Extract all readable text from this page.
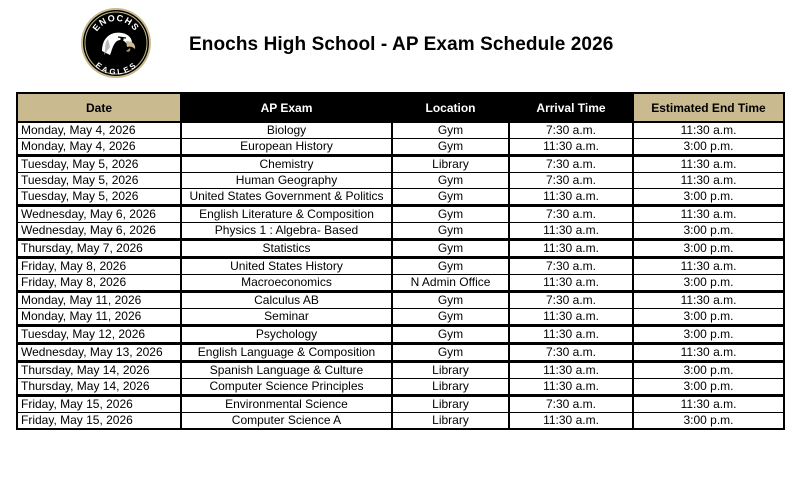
ENOCHS
EAGLES
Enochs High School - AP Exam Schedule 2026
Date	AP Exam	Location	Arrival Time	Estimated End Time
Monday, May 4, 2026	Biology	Gym	7:30 a.m.	11:30 a.m.
Monday, May 4, 2026	European History	Gym	11:30 a.m.	3:00 p.m.
Tuesday, May 5, 2026	Chemistry	Library	7:30 a.m.	11:30 a.m.
Tuesday, May 5, 2026	Human Geography	Gym	7:30 a.m.	11:30 a.m.
Tuesday, May 5, 2026	United States Government & Politics	Gym	11:30 a.m.	3:00 p.m.
Wednesday, May 6, 2026	English Literature & Composition	Gym	7:30 a.m.	11:30 a.m.
Wednesday, May 6, 2026	Physics 1 : Algebra- Based	Gym	11:30 a.m.	3:00 p.m.
Thursday, May 7, 2026	Statistics	Gym	11:30 a.m.	3:00 p.m.
Friday, May 8, 2026	United States History	Gym	7:30 a.m.	11:30 a.m.
Friday, May 8, 2026	Macroeconomics	N Admin Office	11:30 a.m.	3:00 p.m.
Monday, May 11, 2026	Calculus AB	Gym	7:30 a.m.	11:30 a.m.
Monday, May 11, 2026	Seminar	Gym	11:30 a.m.	3:00 p.m.
Tuesday, May 12, 2026	Psychology	Gym	11:30 a.m.	3:00 p.m.
Wednesday, May 13, 2026	English Language & Composition	Gym	7:30 a.m.	11:30 a.m.
Thursday, May 14, 2026	Spanish Language & Culture	Library	11:30 a.m.	3:00 p.m.
Thursday, May 14, 2026	Computer Science Principles	Library	11:30 a.m.	3:00 p.m.
Friday, May 15, 2026	Environmental Science	Library	7:30 a.m.	11:30 a.m.
Friday, May 15, 2026	Computer Science A	Library	11:30 a.m.	3:00 p.m.
